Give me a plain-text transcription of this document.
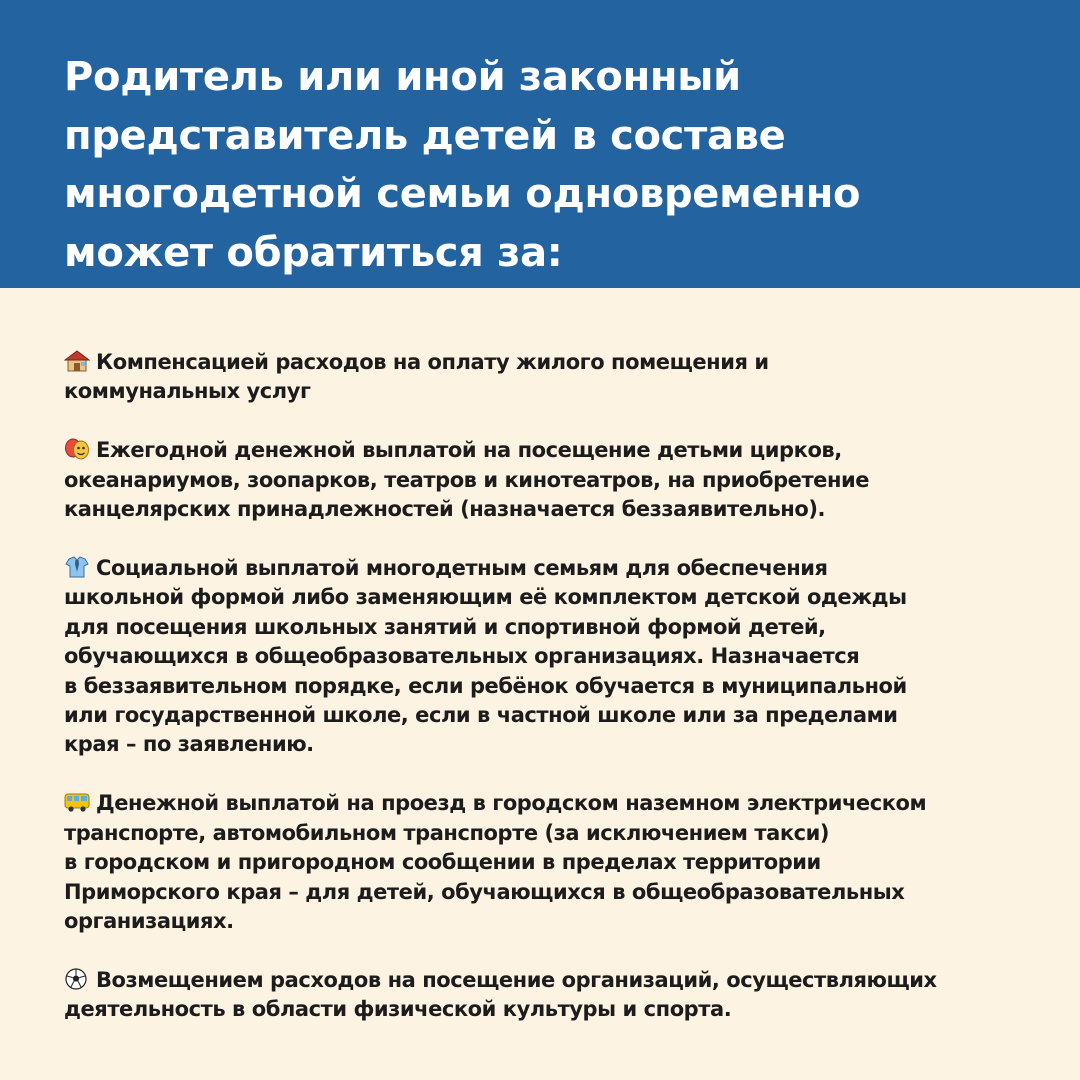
Родитель или иной законный
представитель детей в составе
многодетной семьи одновременно
может обратиться за:

Компенсацией расходов на оплату жилого помещения и
коммунальных услуг

Ежегодной денежной выплатой на посещение детьми цирков,
океанариумов, зоопарков, театров и кинотеатров, на приобретение
канцелярских принадлежностей (назначается беззаявительно).

Социальной выплатой многодетным семьям для обеспечения
школьной формой либо заменяющим её комплектом детской одежды
для посещения школьных занятий и спортивной формой детей,
обучающихся в общеобразовательных организациях. Назначается
в беззаявительном порядке, если ребёнок обучается в муниципальной
или государственной школе, если в частной школе или за пределами
края – по заявлению.

Денежной выплатой на проезд в городском наземном электрическом
транспорте, автомобильном транспорте (за исключением такси)
в городском и пригородном сообщении в пределах территории
Приморского края – для детей, обучающихся в общеобразовательных
организациях.

Возмещением расходов на посещение организаций, осуществляющих
деятельность в области физической культуры и спорта.
